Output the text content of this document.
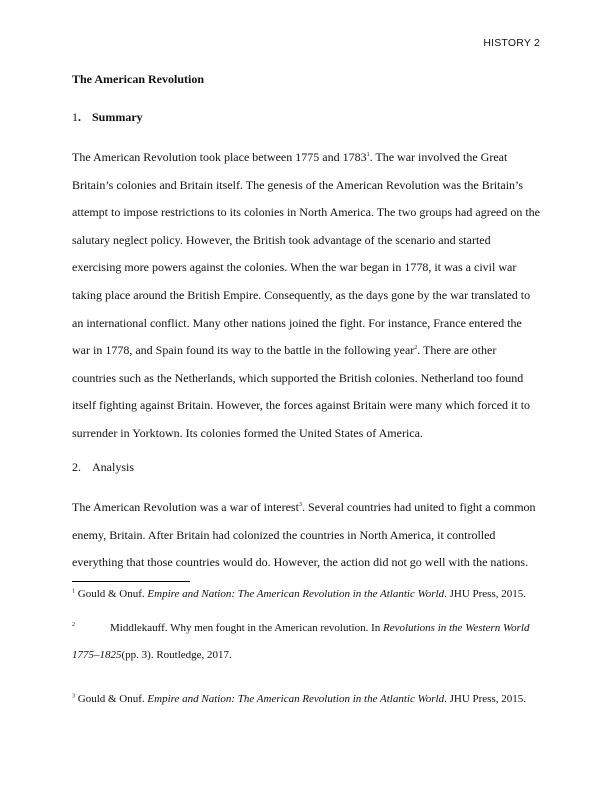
HISTORY 2
The American Revolution
1. Summary
The American Revolution took place between 1775 and 1783$^1$. The war involved the Great Britain’s colonies and Britain itself. The genesis of the American Revolution was the Britain’s attempt to impose restrictions to its colonies in North America. The two groups had agreed on the salutary neglect policy. However, the British took advantage of the scenario and started exercising more powers against the colonies. When the war began in 1778, it was a civil war taking place around the British Empire. Consequently, as the days gone by the war translated to an international conflict. Many other nations joined the fight. For instance, France entered the war in 1778, and Spain found its way to the battle in the following year$^2$. There are other countries such as the Netherlands, which supported the British colonies. Netherland too found itself fighting against Britain. However, the forces against Britain were many which forced it to surrender in Yorktown. Its colonies formed the United States of America.
2. Analysis
The American Revolution was a war of interest$^3$. Several countries had united to fight a common enemy, Britain. After Britain had colonized the countries in North America, it controlled everything that those countries would do. However, the action did not go well with the nations.
$^1$ Gould & Onuf. Empire and Nation: The American Revolution in the Atlantic World. JHU Press, 2015.
2	Middlekauff. Why men fought in the American revolution. In Revolutions in the Western World 1775–1825(pp. 3). Routledge, 2017.
$^3$ Gould & Onuf. Empire and Nation: The American Revolution in the Atlantic World. JHU Press, 2015.
